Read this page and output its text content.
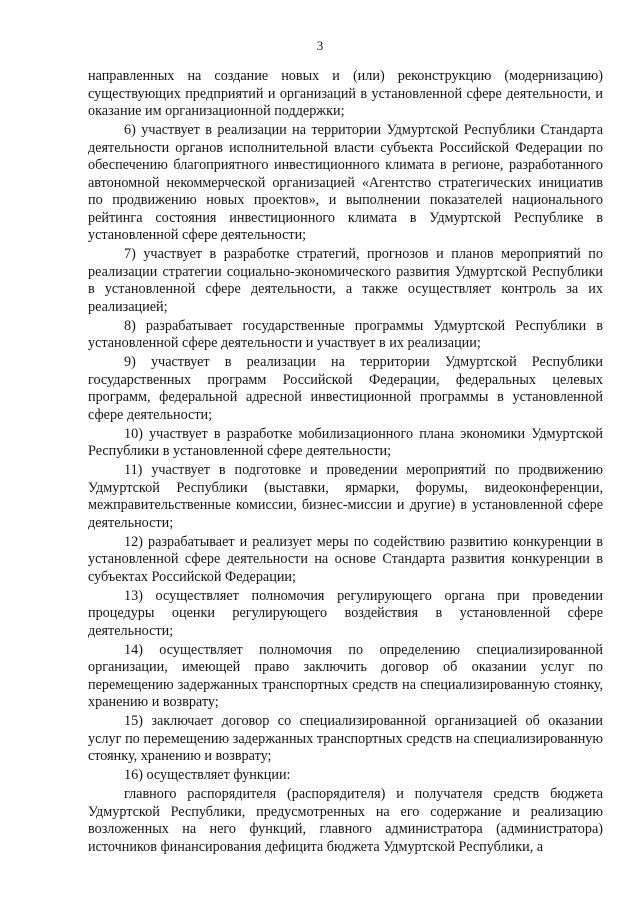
3

направленных на создание новых и (или) реконструкцию (модернизацию) существующих предприятий и организаций в установленной сфере деятельности, и оказание им организационной поддержки;

6) участвует в реализации на территории Удмуртской Республики Стандарта деятельности органов исполнительной власти субъекта Российской Федерации по обеспечению благоприятного инвестиционного климата в регионе, разработанного автономной некоммерческой организацией «Агентство стратегических инициатив по продвижению новых проектов», и выполнении показателей национального рейтинга состояния инвестиционного климата в Удмуртской Республике в установленной сфере деятельности;

7) участвует в разработке стратегий, прогнозов и планов мероприятий по реализации стратегии социально-экономического развития Удмуртской Республики в установленной сфере деятельности, а также осуществляет контроль за их реализацией;

8) разрабатывает государственные программы Удмуртской Республики в установленной сфере деятельности и участвует в их реализации;

9) участвует в реализации на территории Удмуртской Республики государственных программ Российской Федерации, федеральных целевых программ, федеральной адресной инвестиционной программы в установленной сфере деятельности;

10) участвует в разработке мобилизационного плана экономики Удмуртской Республики в установленной сфере деятельности;

11) участвует в подготовке и проведении мероприятий по продвижению Удмуртской Республики (выставки, ярмарки, форумы, видеоконференции, межправительственные комиссии, бизнес-миссии и другие) в установленной сфере деятельности;

12) разрабатывает и реализует меры по содействию развитию конкуренции в установленной сфере деятельности на основе Стандарта развития конкуренции в субъектах Российской Федерации;

13) осуществляет полномочия регулирующего органа при проведении процедуры оценки регулирующего воздействия в установленной сфере деятельности;

14) осуществляет полномочия по определению специализированной организации, имеющей право заключить договор об оказании услуг по перемещению задержанных транспортных средств на специализированную стоянку, хранению и возврату;

15) заключает договор со специализированной организацией об оказании услуг по перемещению задержанных транспортных средств на специализированную стоянку, хранению и возврату;

16) осуществляет функции:

главного распорядителя (распорядителя) и получателя средств бюджета Удмуртской Республики, предусмотренных на его содержание и реализацию возложенных на него функций, главного администратора (администратора) источников финансирования дефицита бюджета Удмуртской Республики, а
